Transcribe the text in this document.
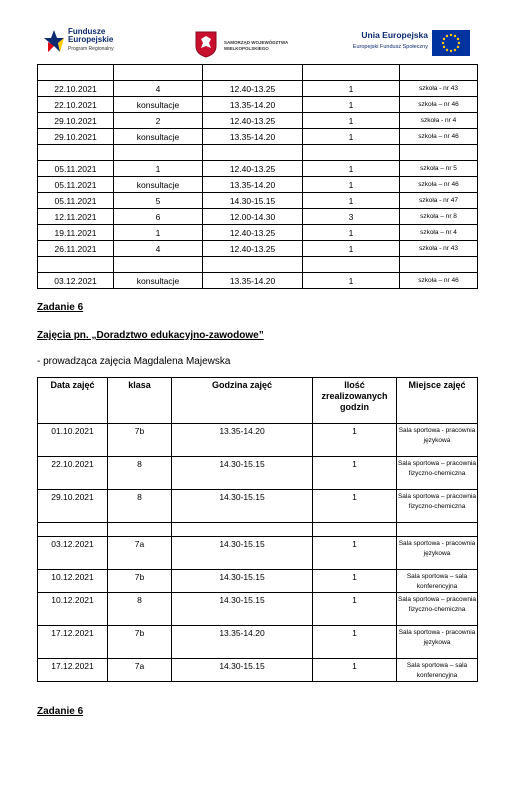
Fundusze
Europejskie
Program Regionalny
SAMORZĄD WOJEWÓDZTWA
WIELKOPOLSKIEGO
Unia Europejska
Europejski Fundusz Społeczny

22.10.2021	4	12.40-13.25	1	szkoła - nr 43
22.10.2021	konsultacje	13.35-14.20	1	szkoła – nr 46
29.10.2021	2	12.40-13.25	1	szkoła - nr 4
29.10.2021	konsultacje	13.35-14.20	1	szkoła – nr 46

05.11.2021	1	12.40-13.25	1	szkoła – nr 5
05.11.2021	konsultacje	13.35-14.20	1	szkoła – nr 46
05.11.2021	5	14.30-15.15	1	szkoła - nr 47
12.11.2021	6	12.00-14.30	3	szkoła – nr 8
19.11.2021	1	12.40-13.25	1	szkoła – nr 4
26.11.2021	4	12.40-13.25	1	szkoła - nr 43

03.12.2021	konsultacje	13.35-14.20	1	szkoła – nr 46
Zadanie 6
Zajęcia pn. „Doradztwo edukacyjno-zawodowe”
- prowadząca zajęcia Magdalena Majewska
Data zajęć	klasa	Godzina zajęć	Ilość zrealizowanych godzin	Miejsce zajęć
01.10.2021	7b	13.35-14.20	1	Sala sportowa - pracownia językowa
22.10.2021	8	14.30-15.15	1	Sala sportowa – pracownia fizyczno-chemiczna
29.10.2021	8	14.30-15.15	1	Sala sportowa – pracownia fizyczno-chemiczna

03.12.2021	7a	14.30-15.15	1	Sala sportowa - pracownia językowa
10.12.2021	7b	14.30-15.15	1	Sala sportowa – sala konferencyjna
10.12.2021	8	14.30-15.15	1	Sala sportowa – pracownia fizyczno-chemiczna
17.12.2021	7b	13.35-14.20	1	Sala sportowa - pracownia językowa
17.12.2021	7a	14.30-15.15	1	Sala sportowa – sala konferencyjna
Zadanie 6
